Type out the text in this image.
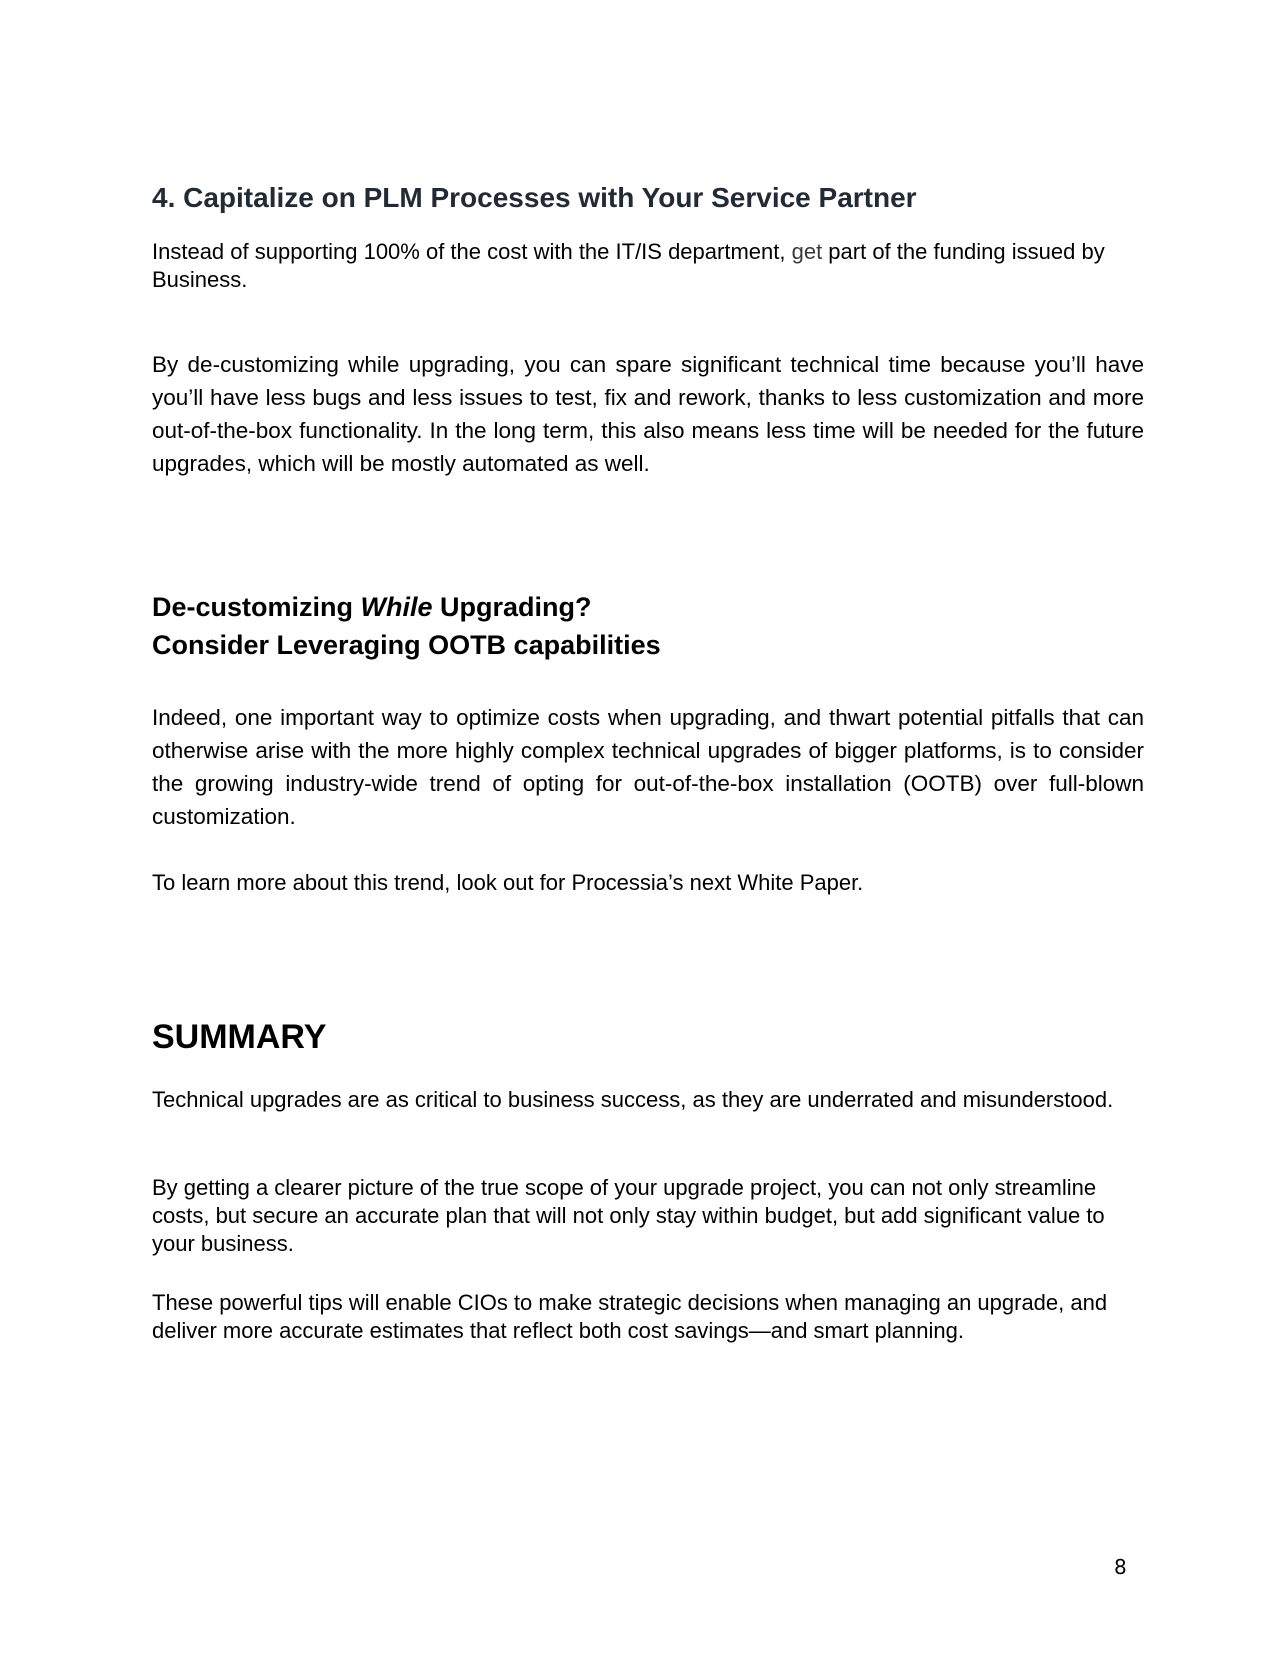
4. Capitalize on PLM Processes with Your Service Partner

Instead of supporting 100% of the cost with the IT/IS department, get part of the funding issued by Business.

By de-customizing while upgrading, you can spare significant technical time because you’ll have you’ll have less bugs and less issues to test, fix and rework, thanks to less customization and more out-of-the-box functionality. In the long term, this also means less time will be needed for the future upgrades, which will be mostly automated as well.

De-customizing While Upgrading?
Consider Leveraging OOTB capabilities

Indeed, one important way to optimize costs when upgrading, and thwart potential pitfalls that can otherwise arise with the more highly complex technical upgrades of bigger platforms, is to consider the growing industry-wide trend of opting for out-of-the-box installation (OOTB) over full-blown customization.

To learn more about this trend, look out for Processia’s next White Paper.

SUMMARY

Technical upgrades are as critical to business success, as they are underrated and misunderstood.

By getting a clearer picture of the true scope of your upgrade project, you can not only streamline costs, but secure an accurate plan that will not only stay within budget, but add significant value to your business.

These powerful tips will enable CIOs to make strategic decisions when managing an upgrade, and deliver more accurate estimates that reflect both cost savings—and smart planning.

8
